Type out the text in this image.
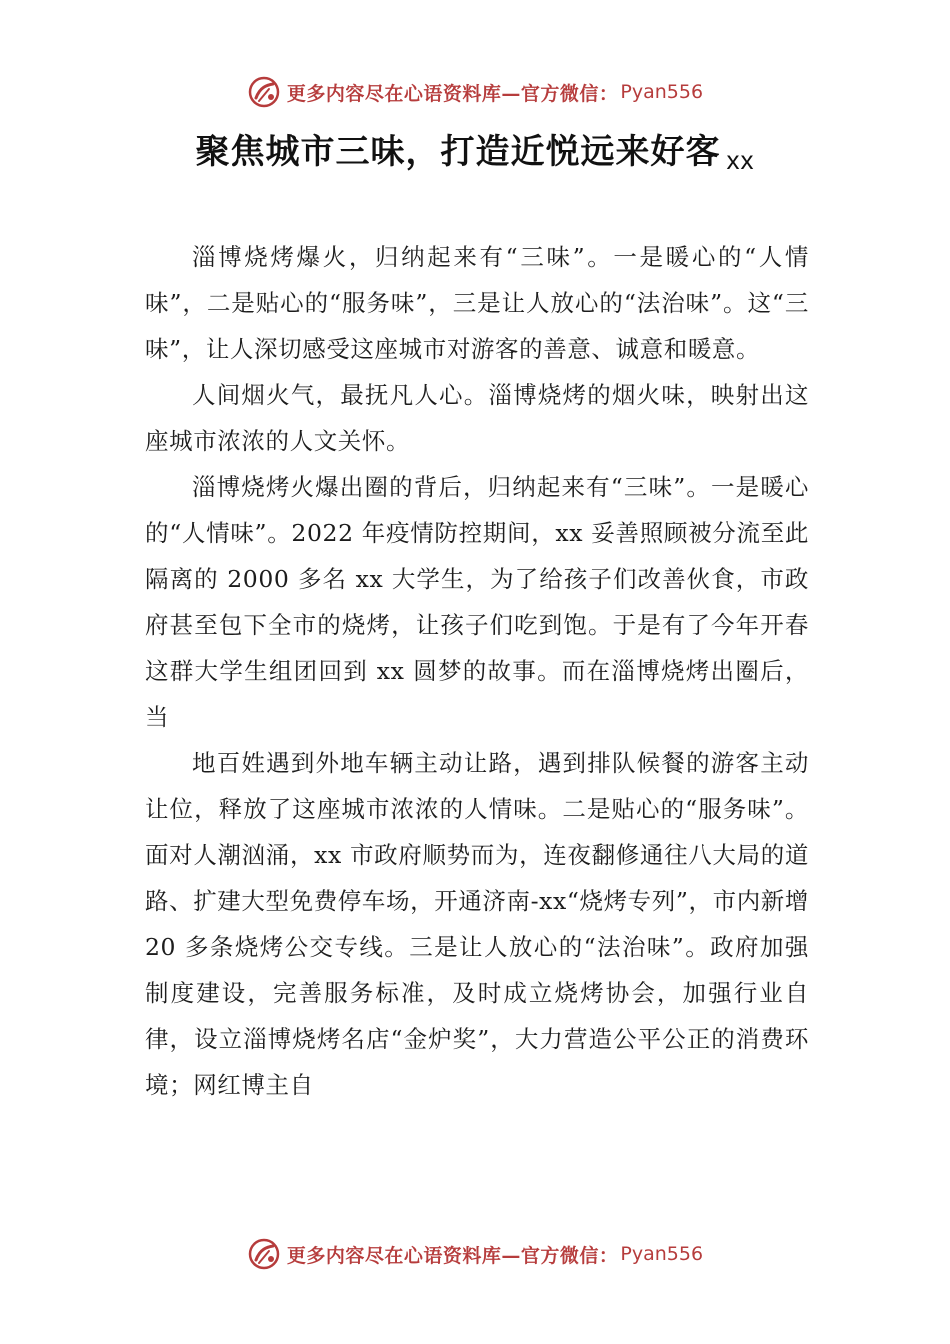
更多内容尽在心语资料库—官方微信： Pyan556
聚焦城市三味，打造近悦远来好客 xx

淄博烧烤爆火，归纳起来有“三味”。一是暖心的“人情味”，二是贴心的“服务味”，三是让人放心的“法治味”。这“三味”，让人深切感受这座城市对游客的善意、诚意和暖意。

人间烟火气，最抚凡人心。淄博烧烤的烟火味，映射出这座城市浓浓的人文关怀。

淄博烧烤火爆出圈的背后，归纳起来有“三味”。一是暖心的“人情味”。2022 年疫情防控期间，xx 妥善照顾被分流至此隔离的 2000 多名 xx 大学生，为了给孩子们改善伙食，市政府甚至包下全市的烧烤，让孩子们吃到饱。于是有了今年开春这群大学生组团回到 xx 圆梦的故事。而在淄博烧烤出圈后，当

地百姓遇到外地车辆主动让路，遇到排队候餐的游客主动让位，释放了这座城市浓浓的人情味。二是贴心的“服务味”。面对人潮汹涌，xx 市政府顺势而为，连夜翻修通往八大局的道路、扩建大型免费停车场，开通济南-xx“烧烤专列”，市内新增 20 多条烧烤公交专线。三是让人放心的“法治味”。政府加强制度建设，完善服务标准，及时成立烧烤协会，加强行业自律，设立淄博烧烤名店“金炉奖”，大力营造公平公正的消费环境；网红博主自

更多内容尽在心语资料库—官方微信： Pyan556
